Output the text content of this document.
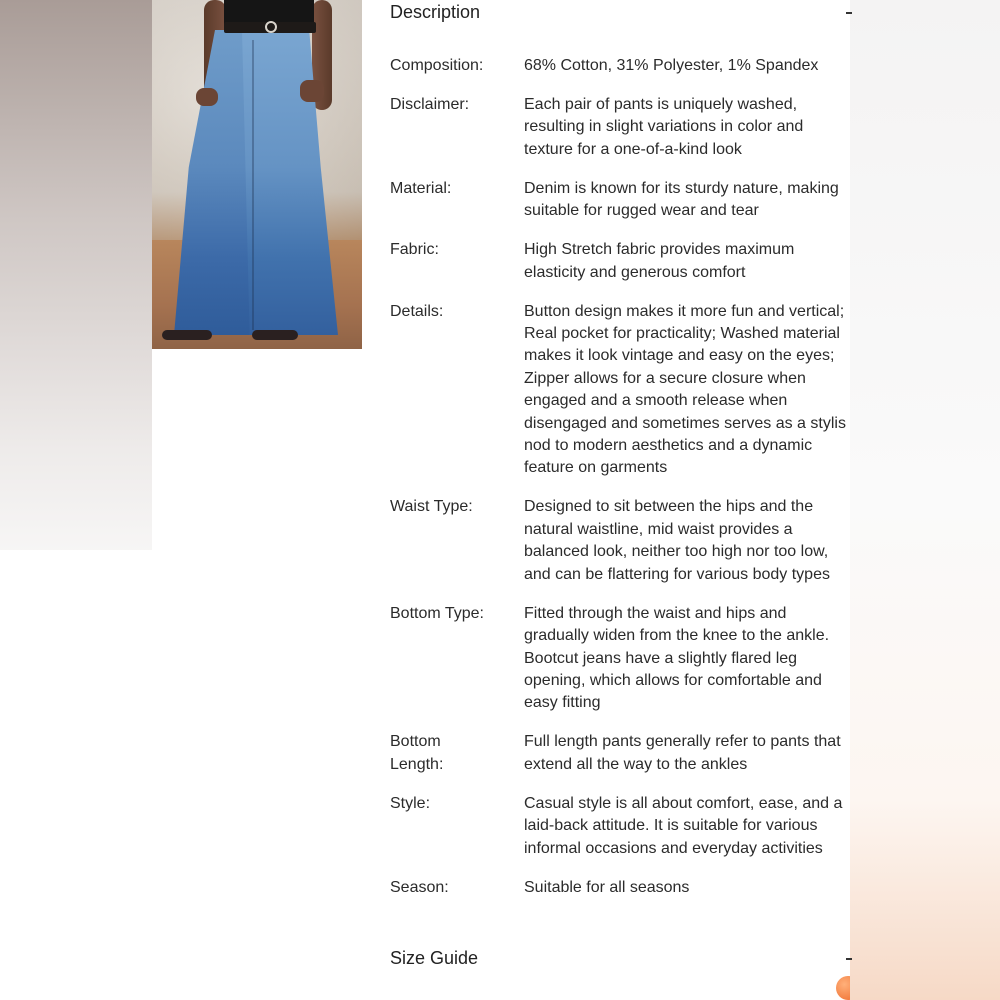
Description
Composition:	68% Cotton, 31% Polyester, 1% Spandex
Disclaimer:	Each pair of pants is uniquely washed,
resulting in slight variations in color and
texture for a one-of-a-kind look
Material:	Denim is known for its sturdy nature, making
suitable for rugged wear and tear
Fabric:	High Stretch fabric provides maximum
elasticity and generous comfort
Details:	Button design makes it more fun and vertical;
Real pocket for practicality; Washed material
makes it look vintage and easy on the eyes;
Zipper allows for a secure closure when
engaged and a smooth release when
disengaged and sometimes serves as a stylis
nod to modern aesthetics and a dynamic
feature on garments
Waist Type:	Designed to sit between the hips and the
natural waistline, mid waist provides a
balanced look, neither too high nor too low,
and can be flattering for various body types
Bottom Type:	Fitted through the waist and hips and
gradually widen from the knee to the ankle.
Bootcut jeans have a slightly flared leg
opening, which allows for comfortable and
easy fitting
Bottom
Length:
Full length pants generally refer to pants that
extend all the way to the ankles
Style:	Casual style is all about comfort, ease, and a
laid-back attitude. It is suitable for various
informal occasions and everyday activities
Season:	Suitable for all seasons
Size Guide
